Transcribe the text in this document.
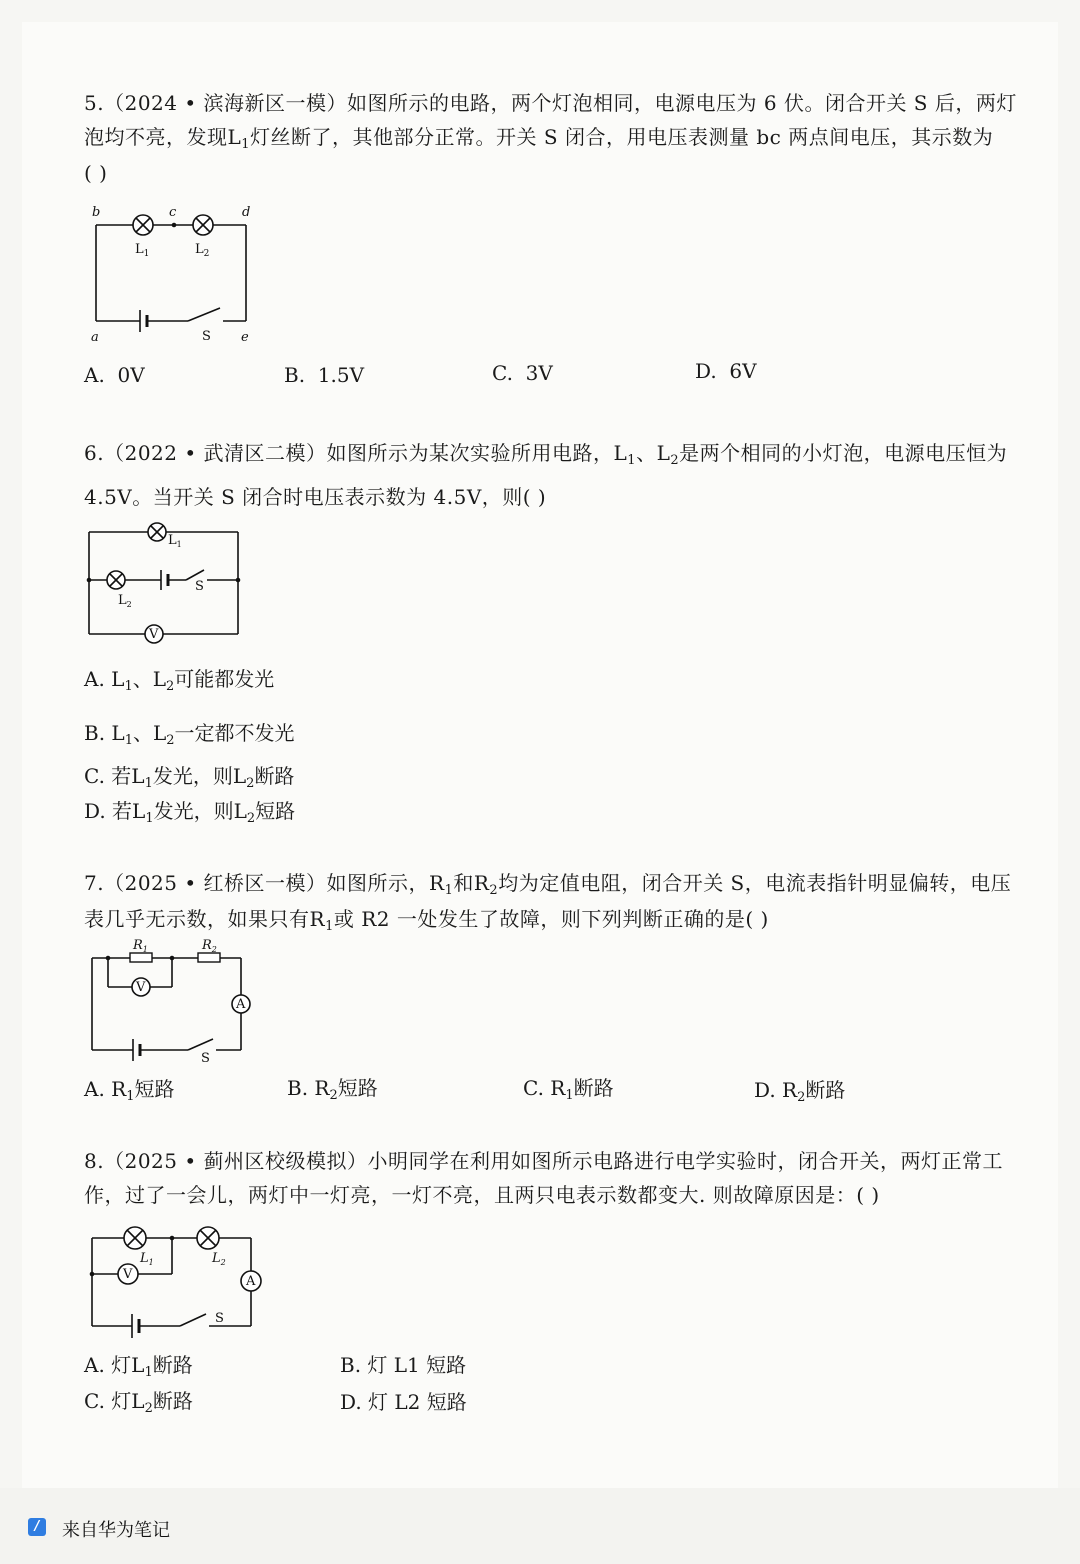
5.（2024 • 滨海新区一模）如图所示的电路，两个灯泡相同，电源电压为 6 伏。闭合开关 S 后，两灯
泡均不亮，发现$L_1$灯丝断了，其他部分正常。开关 S 闭合，用电压表测量 bc 两点间电压，其示数为
( )
b	c	d
a	e
$L_1$	$L_2$
S
A. 0V	B. 1.5V	C. 3V	D. 6V
6.（2022 • 武清区二模）如图所示为某次实验所用电路，$L_1$、$L_2$是两个相同的小灯泡，电源电压恒为
4.5V。当开关 S 闭合时电压表示数为 4.5V，则( )
V
$L_1$
$L_2$
S
A. $L_1$、$L_2$可能都发光
B. $L_1$、$L_2$一定都不发光
C. 若$L_1$发光，则$L_2$断路
D. 若$L_1$发光，则$L_2$短路
7.（2025 • 红桥区一模）如图所示，$R_1$和$R_2$均为定值电阻，闭合开关 S，电流表指针明显偏转，电压
表几乎无示数，如果只有$R_1$或 R2 一处发生了故障，则下列判断正确的是( )
V
A
$R_1$	$R_2$
S
A. $R_1$短路	B. $R_2$短路	C. $R_1$断路	D. $R_2$断路
8.（2025 • 蓟州区校级模拟）小明同学在利用如图所示电路进行电学实验时，闭合开关，两灯正常工
作，过了一会儿，两灯中一灯亮，一灯不亮，且两只电表示数都变大. 则故障原因是：( )
V	A
$L_1$	$L_2$
S
A. 灯$L_1$断路	B. 灯 L1 短路
C. 灯$L_2$断路	D. 灯 L2 短路
/	来自华为笔记
